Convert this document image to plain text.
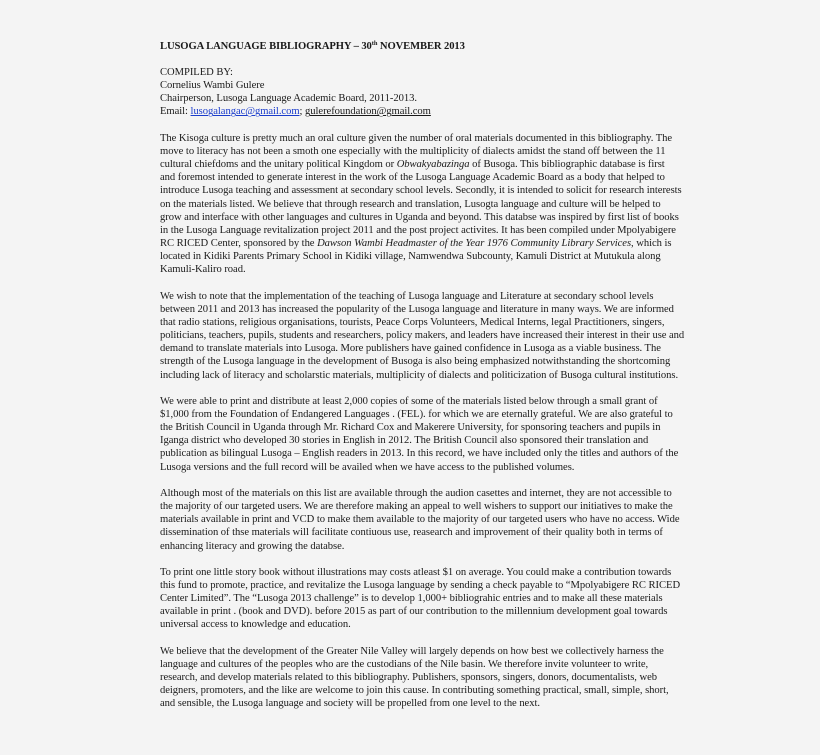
LUSOGA LANGUAGE BIBLIOGRAPHY – 30th NOVEMBER 2013
COMPILED BY:
Cornelius Wambi Gulere
Chairperson, Lusoga Language Academic Board, 2011-2013.
Email: lusogalangac@gmail.com; gulerefoundation@gmail.com
The Kisoga culture is pretty much an oral culture given the number of oral materials documented in this bibliography. The
move to literacy has not been a smoth one especially with the multiplicity of dialects amidst the stand off between the 11
cultural chiefdoms and the unitary political Kingdom or Obwakyabazinga of Busoga. This bibliographic database is first
and foremost intended to generate interest in the work of the Lusoga Language Academic Board as a body that helped to
introduce Lusoga teaching and assessment at secondary school levels. Secondly, it is intended to solicit for research interests
on the materials listed. We believe that through research and translation, Lusogta language and culture will be helped to
grow and interface with other languages and cultures in Uganda and beyond. This databse was inspired by first list of books
in the Lusoga Language revitalization project 2011 and the post project activites. It has been compiled under Mpolyabigere
RC RICED Center, sponsored by the Dawson Wambi Headmaster of the Year 1976 Community Library Services, which is
located in Kidiki Parents Primary School in Kidiki village, Namwendwa Subcounty, Kamuli District at Mutukula along
Kamuli-Kaliro road.
We wish to note that the implementation of the teaching of Lusoga language and Literature at secondary school levels
between 2011 and 2013 has increased the popularity of the Lusoga language and literature in many ways. We are informed
that radio stations, religious organisations, tourists, Peace Corps Volunteers, Medical Interns, legal Practitioners, singers,
politicians, teachers, pupils, students and researchers, policy makers, and leaders have increased their interest in their use and
demand to translate materials into Lusoga. More publishers have gained confidence in Lusoga as a viable business. The
strength of the Lusoga language in the development of Busoga is also being emphasized notwithstanding the shortcoming
including lack of literacy and scholarstic materials, multiplicity of dialects and politicization of Busoga cultural institutions.
We were able to print and distribute at least 2,000 copies of some of the materials listed below through a small grant of
$1,000 from the Foundation of Endangered Languages . (FEL). for which we are eternally grateful. We are also grateful to
the British Council in Uganda through Mr. Richard Cox and Makerere University, for sponsoring teachers and pupils in
Iganga district who developed 30 stories in English in 2012. The British Council also sponsored their translation and
publication as bilingual Lusoga – English readers in 2013. In this record, we have included only the titles and authors of the
Lusoga versions and the full record will be availed when we have access to the published volumes.
Although most of the materials on this list are available through the audion casettes and internet, they are not accessible to
the majority of our targeted users. We are therefore making an appeal to well wishers to support our initiatives to make the
materials available in print and VCD to make them available to the majority of our targeted users who have no access. Wide
dissemination of thse materials will facilitate contiuous use, reasearch and improvement of their quality both in terms of
enhancing literacy and growing the databse.
To print one little story book without illustrations may costs atleast $1 on average. You could make a contribution towards
this fund to promote, practice, and revitalize the Lusoga language by sending a check payable to “Mpolyabigere RC RICED
Center Limited”. The “Lusoga 2013 challenge” is to develop 1,000+ bibliograhic entries and to make all these materials
available in print . (book and DVD). before 2015 as part of our contribution to the millennium development goal towards
universal access to knowledge and education.
We believe that the development of the Greater Nile Valley will largely depends on how best we collectively harness the
language and cultures of the peoples who are the custodians of the Nile basin. We therefore invite volunteer to write,
research, and develop materials related to this bibliography. Publishers, sponsors, singers, donors, documentalists, web
deigners, promoters, and the like are welcome to join this cause. In contributing something practical, small, simple, short,
and sensible, the Lusoga language and society will be propelled from one level to the next.
